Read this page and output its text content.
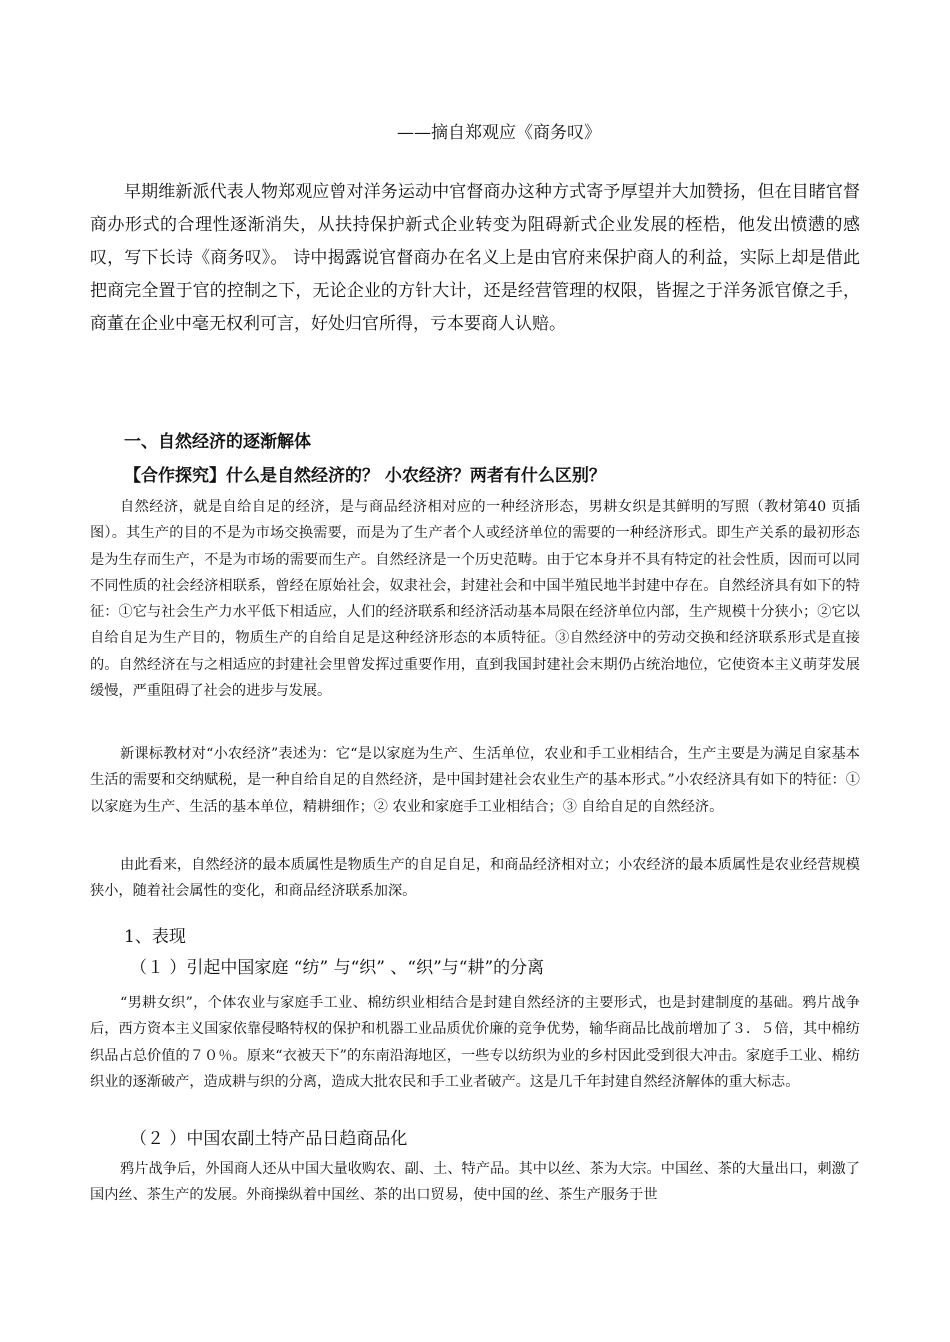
——摘自郑观应《商务叹》

早期维新派代表人物郑观应曾对洋务运动中官督商办这种方式寄予厚望并大加赞扬，但在目睹官督商办形式的合理性逐渐消失，从扶持保护新式企业转变为阻碍新式企业发展的桎梏，他发出愤懑的感叹，写下长诗《商务叹》。 诗中揭露说官督商办在名义上是由官府来保护商人的利益，实际上却是借此把商完全置于官的控制之下，无论企业的方针大计，还是经营管理的权限，皆握之于洋务派官僚之手，商董在企业中毫无权利可言，好处归官所得，亏本要商人认赔。

一、自然经济的逐渐解体
【合作探究】什么是自然经济的？ 小农经济？两者有什么区别？

自然经济，就是自给自足的经济，是与商品经济相对应的一种经济形态，男耕女织是其鲜明的写照（教材第40 页插图）。其生产的目的不是为市场交换需要，而是为了生产者个人或经济单位的需要的一种经济形式。即生产关系的最初形态是为生存而生产，不是为市场的需要而生产。自然经济是一个历史范畴。由于它本身并不具有特定的社会性质，因而可以同不同性质的社会经济相联系，曾经在原始社会，奴隶社会，封建社会和中国半殖民地半封建中存在。自然经济具有如下的特征：①它与社会生产力水平低下相适应，人们的经济联系和经济活动基本局限在经济单位内部，生产规模十分狭小；②它以自给自足为生产目的，物质生产的自给自足是这种经济形态的本质特征。③自然经济中的劳动交换和经济联系形式是直接的。自然经济在与之相适应的封建社会里曾发挥过重要作用，直到我国封建社会末期仍占统治地位，它使资本主义萌芽发展缓慢，严重阻碍了社会的进步与发展。

新课标教材对“小农经济”表述为：它“是以家庭为生产、生活单位，农业和手工业相结合，生产主要是为满足自家基本生活的需要和交纳赋税，是一种自给自足的自然经济，是中国封建社会农业生产的基本形式。”小农经济具有如下的特征：① 以家庭为生产、生活的基本单位，精耕细作；② 农业和家庭手工业相结合；③ 自给自足的自然经济。

由此看来，自然经济的最本质属性是物质生产的自足自足，和商品经济相对立；小农经济的最本质属性是农业经营规模狭小，随着社会属性的变化，和商品经济联系加深。

1、表现
（１ ）引起中国家庭 “纺” 与“织” 、“织”与“耕”的分离

“男耕女织”，个体农业与家庭手工业、棉纺织业相结合是封建自然经济的主要形式，也是封建制度的基础。鸦片战争后，西方资本主义国家依靠侵略特权的保护和机器工业品质优价廉的竞争优势，输华商品比战前增加了３．５倍，其中棉纺织品占总价值的７０％。原来“衣被天下”的东南沿海地区，一些专以纺织为业的乡村因此受到很大冲击。家庭手工业、棉纺织业的逐渐破产，造成耕与织的分离，造成大批农民和手工业者破产。这是几千年封建自然经济解体的重大标志。

（２ ）中国农副土特产品日趋商品化

鸦片战争后，外国商人还从中国大量收购农、副、土、特产品。其中以丝、茶为大宗。中国丝、茶的大量出口，刺激了国内丝、茶生产的发展。外商操纵着中国丝、茶的出口贸易，使中国的丝、茶生产服务于世
